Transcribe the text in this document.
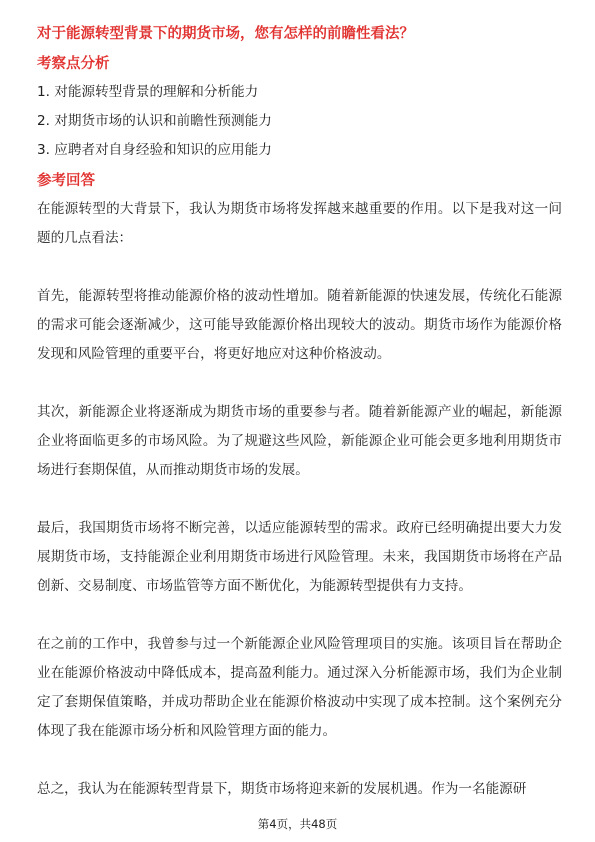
对于能源转型背景下的期货市场，您有怎样的前瞻性看法？
考察点分析
1. 对能源转型背景的理解和分析能力
2. 对期货市场的认识和前瞻性预测能力
3. 应聘者对自身经验和知识的应用能力
参考回答

在能源转型的大背景下，我认为期货市场将发挥越来越重要的作用。以下是我对这一问题的几点看法：

首先，能源转型将推动能源价格的波动性增加。随着新能源的快速发展，传统化石能源的需求可能会逐渐减少，这可能导致能源价格出现较大的波动。期货市场作为能源价格发现和风险管理的重要平台，将更好地应对这种价格波动。

其次，新能源企业将逐渐成为期货市场的重要参与者。随着新能源产业的崛起，新能源企业将面临更多的市场风险。为了规避这些风险，新能源企业可能会更多地利用期货市场进行套期保值，从而推动期货市场的发展。

最后，我国期货市场将不断完善，以适应能源转型的需求。政府已经明确提出要大力发展期货市场，支持能源企业利用期货市场进行风险管理。未来，我国期货市场将在产品创新、交易制度、市场监管等方面不断优化，为能源转型提供有力支持。

在之前的工作中，我曾参与过一个新能源企业风险管理项目的实施。该项目旨在帮助企业在能源价格波动中降低成本，提高盈利能力。通过深入分析能源市场，我们为企业制定了套期保值策略，并成功帮助企业在能源价格波动中实现了成本控制。这个案例充分体现了我在能源市场分析和风险管理方面的能力。

总之，我认为在能源转型背景下，期货市场将迎来新的发展机遇。作为一名能源研

第4页，共48页
